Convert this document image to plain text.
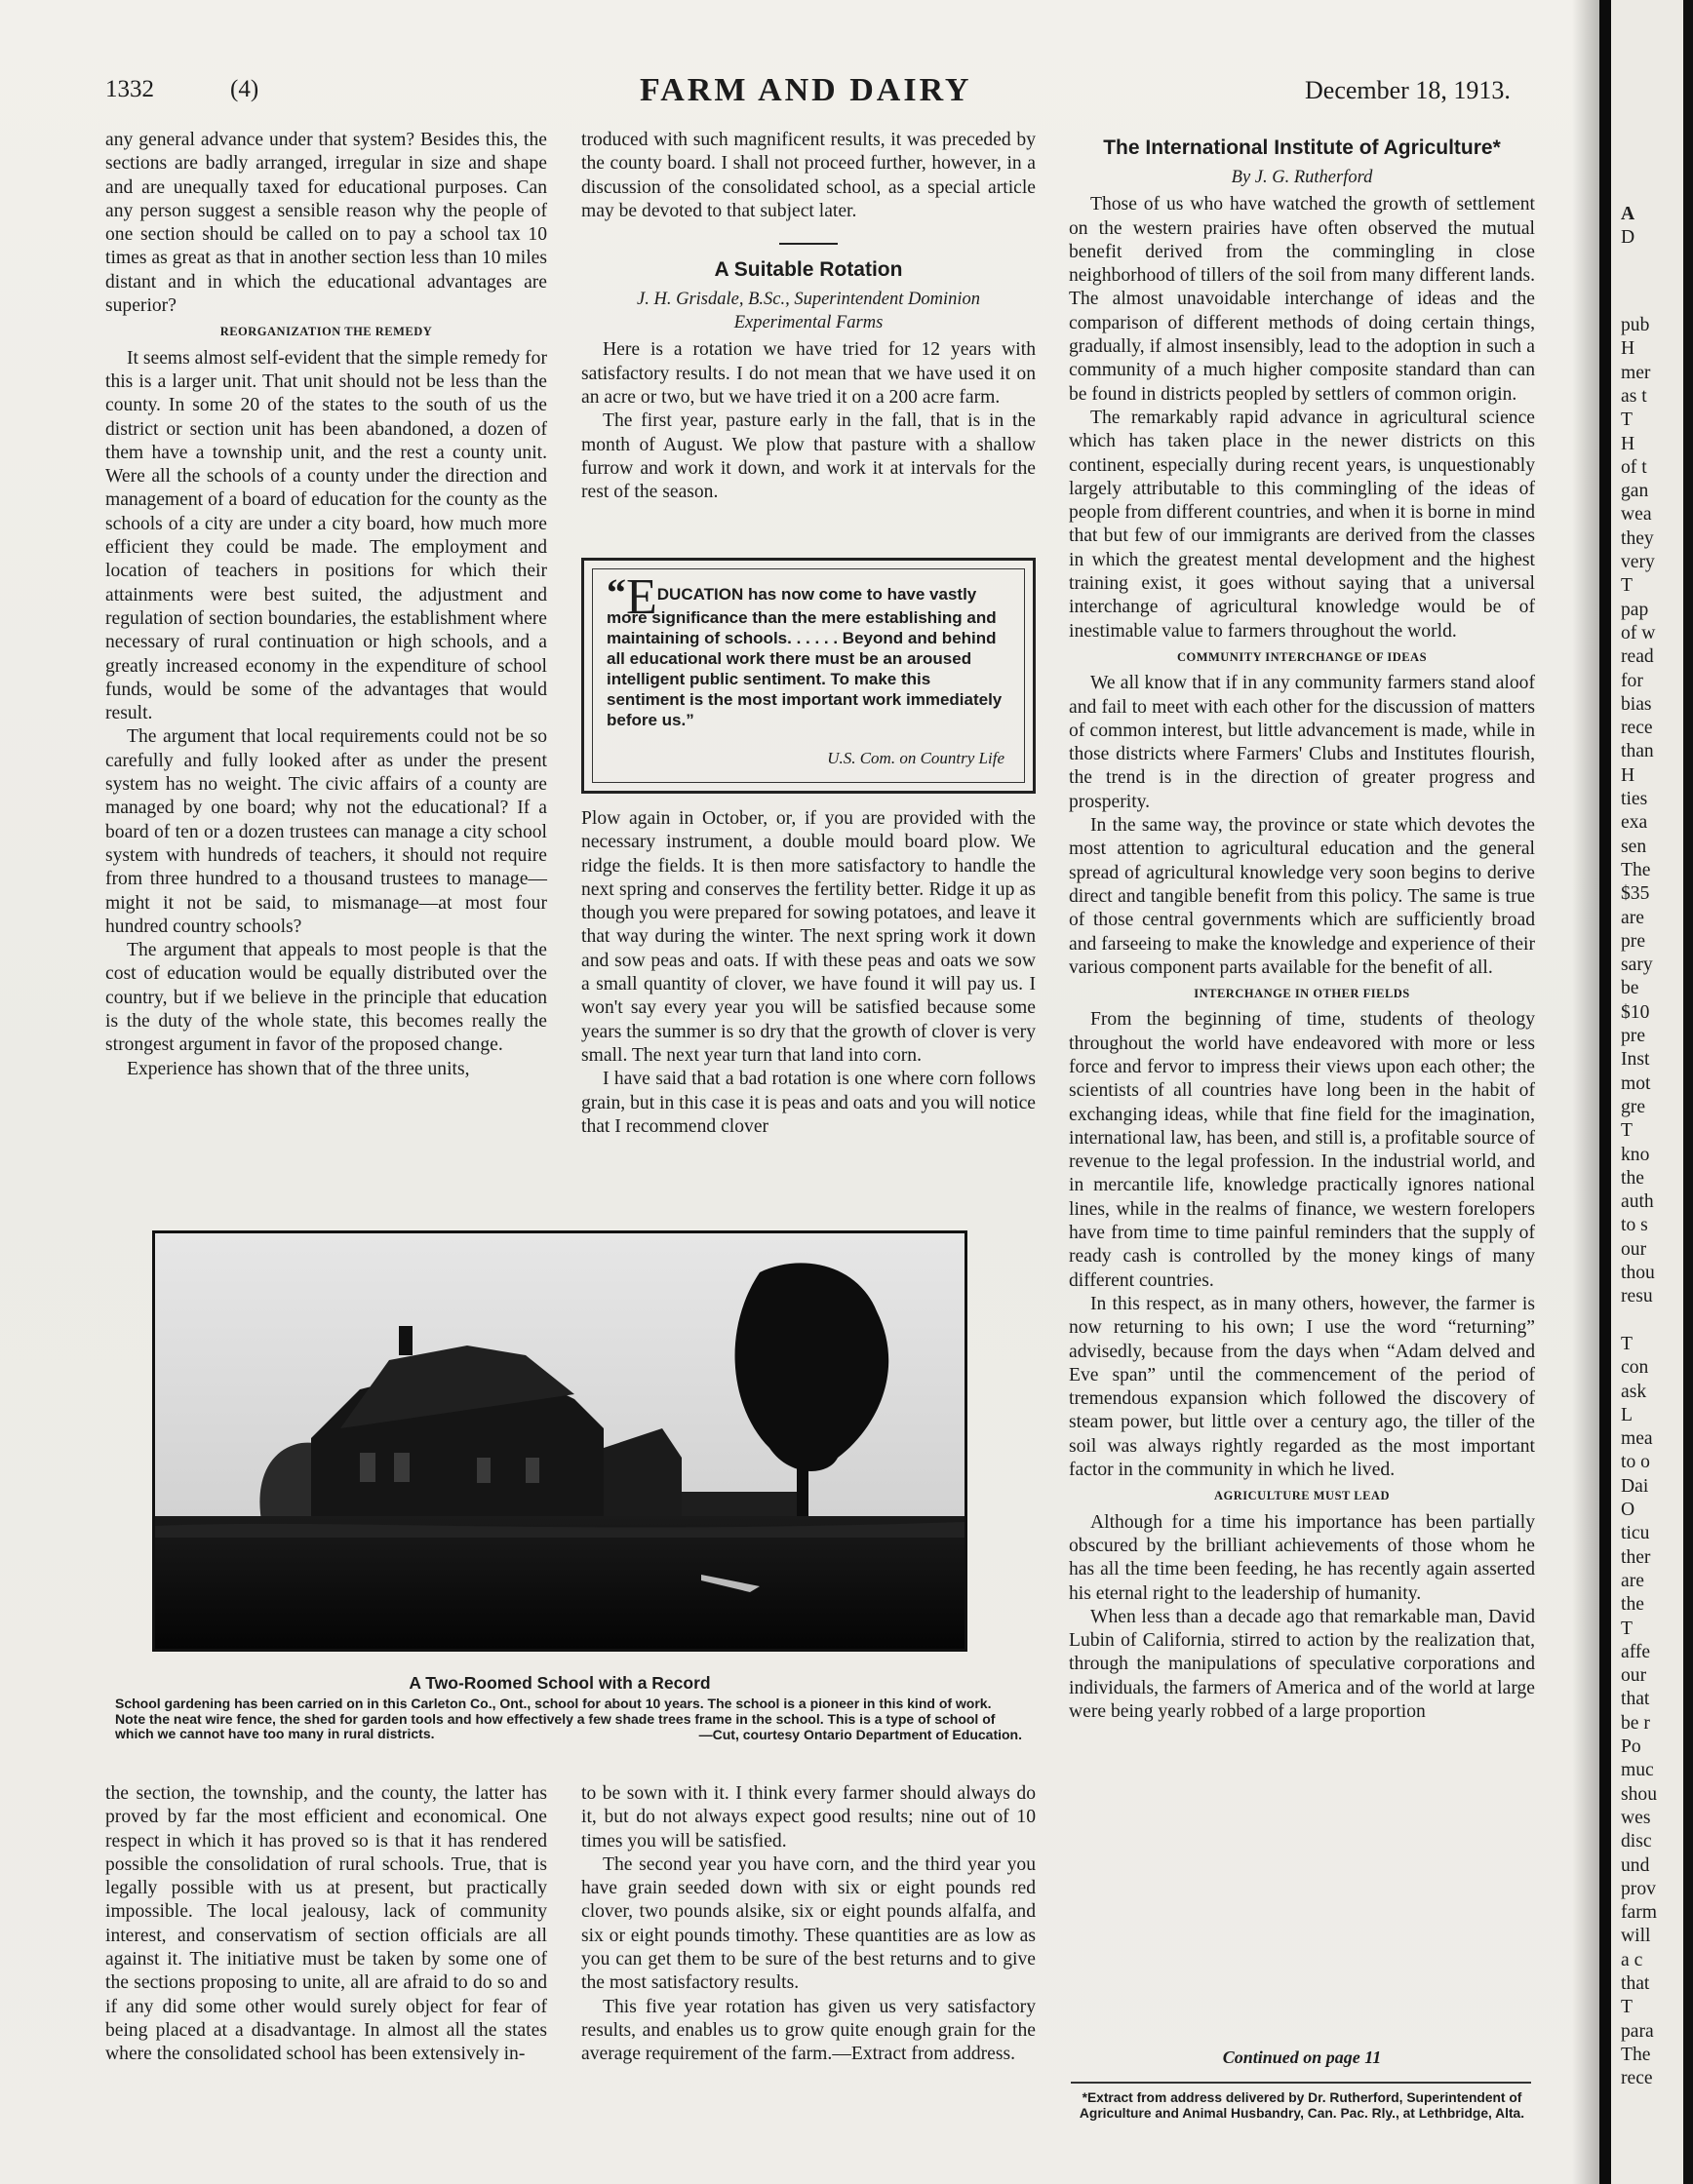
1332	(4)	FARM AND DAIRY	December 18, 1913.

any general advance under that system? Besides this, the sections are badly arranged, irregular in size and shape and are unequally taxed for educational purposes. Can any person suggest a sensible reason why the people of one section should be called on to pay a school tax 10 times as great as that in another section less than 10 miles distant and in which the educational advantages are superior?

REORGANIZATION THE REMEDY

It seems almost self-evident that the simple remedy for this is a larger unit. That unit should not be less than the county. In some 20 of the states to the south of us the district or section unit has been abandoned, a dozen of them have a township unit, and the rest a county unit. Were all the schools of a county under the direction and management of a board of education for the county as the schools of a city are under a city board, how much more efficient they could be made. The employment and location of teachers in positions for which their attainments were best suited, the adjustment and regulation of section boundaries, the establishment where necessary of rural continuation or high schools, and a greatly increased economy in the expenditure of school funds, would be some of the advantages that would result.

The argument that local requirements could not be so carefully and fully looked after as under the present system has no weight. The civic affairs of a county are managed by one board; why not the educational? If a board of ten or a dozen trustees can manage a city school system with hundreds of teachers, it should not require from three hundred to a thousand trustees to manage—might it not be said, to mismanage—at most four hundred country schools?

The argument that appeals to most people is that the cost of education would be equally distributed over the country, but if we believe in the principle that education is the duty of the whole state, this becomes really the strongest argument in favor of the proposed change.

Experience has shown that of the three units,

the section, the township, and the county, the latter has proved by far the most efficient and economical. One respect in which it has proved so is that it has rendered possible the consolidation of rural schools. True, that is legally possible with us at present, but practically impossible. The local jealousy, lack of community interest, and conservatism of section officials are all against it. The initiative must be taken by some one of the sections proposing to unite, all are afraid to do so and if any did some other would surely object for fear of being placed at a disadvantage. In almost all the states where the consolidated school has been extensively in-

troduced with such magnificent results, it was preceded by the county board. I shall not proceed further, however, in a discussion of the consolidated school, as a special article may be devoted to that subject later.

A Suitable Rotation
J. H. Grisdale, B.Sc., Superintendent Dominion
Experimental Farms

Here is a rotation we have tried for 12 years with satisfactory results. I do not mean that we have used it on an acre or two, but we have tried it on a 200 acre farm.

The first year, pasture early in the fall, that is in the month of August. We plow that pasture with a shallow furrow and work it down, and work it at intervals for the rest of the season.

“EDUCATION has now come to have vastly more significance than the mere establishing and maintaining of schools. . . . . . Beyond and behind all educational work there must be an aroused intelligent public sentiment. To make this sentiment is the most important work immediately before us.”

U.S. Com. on Country Life

Plow again in October, or, if you are provided with the necessary instrument, a double mould board plow. We ridge the fields. It is then more satisfactory to handle the next spring and conserves the fertility better. Ridge it up as though you were prepared for sowing potatoes, and leave it that way during the winter. The next spring work it down and sow peas and oats. If with these peas and oats we sow a small quantity of clover, we have found it will pay us. I won't say every year you will be satisfied because some years the summer is so dry that the growth of clover is very small. The next year turn that land into corn.

I have said that a bad rotation is one where corn follows grain, but in this case it is peas and oats and you will notice that I recommend clover

to be sown with it. I think every farmer should always do it, but do not always expect good results; nine out of 10 times you will be satisfied.

The second year you have corn, and the third year you have grain seeded down with six or eight pounds red clover, two pounds alsike, six or eight pounds alfalfa, and six or eight pounds timothy. These quantities are as low as you can get them to be sure of the best returns and to give the most satisfactory results.

This five year rotation has given us very satisfactory results, and enables us to grow quite enough grain for the average requirement of the farm.—Extract from address.

A Two-Roomed School with a Record

School gardening has been carried on in this Carleton Co., Ont., school for about 10 years. The school is a pioneer in this kind of work. Note the neat wire fence, the shed for garden tools and how effectively a few shade trees frame in the school. This is a type of school of which we cannot have too many in rural districts.	—Cut, courtesy Ontario Department of Education.
The International Institute of Agriculture*
By J. G. Rutherford

Those of us who have watched the growth of settlement on the western prairies have often observed the mutual benefit derived from the commingling in close neighborhood of tillers of the soil from many different lands. The almost unavoidable interchange of ideas and the comparison of different methods of doing certain things, gradually, if almost insensibly, lead to the adoption in such a community of a much higher composite standard than can be found in districts peopled by settlers of common origin.

The remarkably rapid advance in agricultural science which has taken place in the newer districts on this continent, especially during recent years, is unquestionably largely attributable to this commingling of the ideas of people from different countries, and when it is borne in mind that but few of our immigrants are derived from the classes in which the greatest mental development and the highest training exist, it goes without saying that a universal interchange of agricultural knowledge would be of inestimable value to farmers throughout the world.

COMMUNITY INTERCHANGE OF IDEAS

We all know that if in any community farmers stand aloof and fail to meet with each other for the discussion of matters of common interest, but little advancement is made, while in those districts where Farmers' Clubs and Institutes flourish, the trend is in the direction of greater progress and prosperity.

In the same way, the province or state which devotes the most attention to agricultural education and the general spread of agricultural knowledge very soon begins to derive direct and tangible benefit from this policy. The same is true of those central governments which are sufficiently broad and farseeing to make the knowledge and experience of their various component parts available for the benefit of all.

INTERCHANGE IN OTHER FIELDS

From the beginning of time, students of theology throughout the world have endeavored with more or less force and fervor to impress their views upon each other; the scientists of all countries have long been in the habit of exchanging ideas, while that fine field for the imagination, international law, has been, and still is, a profitable source of revenue to the legal profession. In the industrial world, and in mercantile life, knowledge practically ignores national lines, while in the realms of finance, we western forelopers have from time to time painful reminders that the supply of ready cash is controlled by the money kings of many different countries.

In this respect, as in many others, however, the farmer is now returning to his own; I use the word “returning” advisedly, because from the days when “Adam delved and Eve span” until the commencement of the period of tremendous expansion which followed the discovery of steam power, but little over a century ago, the tiller of the soil was always rightly regarded as the most important factor in the community in which he lived.

AGRICULTURE MUST LEAD

Although for a time his importance has been partially obscured by the brilliant achievements of those whom he has all the time been feeding, he has recently again asserted his eternal right to the leadership of humanity.

When less than a decade ago that remarkable man, David Lubin of California, stirred to action by the realization that, through the manipulations of speculative corporations and individuals, the farmers of America and of the world at large were being yearly robbed of a large proportion

Continued on page 11

*Extract from address delivered by Dr. Rutherford, Superintendent of Agriculture and Animal Husbandry, Can. Pac. Rly., at Lethbridge, Alta.

A
D
pub
H
mer
as t
T
H
of t
gan
wea
they
very
T
pap
of w
read
for
bias
rece
than
H
ties
exa
sen
The
$35
are
pre
sary
be
$10
pre
Inst
mot
gre
T
kno
the
auth
to s
our
thou
resu
T
con
ask
L
mea
to o
Dai
O
ticu
ther
are
the
T
affe
our
that
be r
Po
muc
shou
wes
disc
und
prov
farm
will
a c
that
T
para
The
rece
